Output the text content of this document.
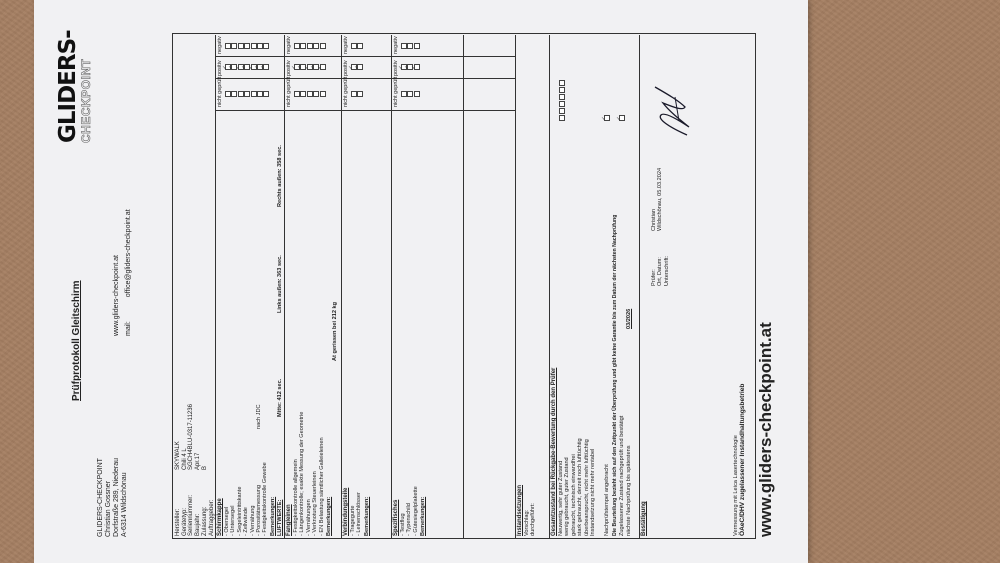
Prüfprotokoll Gleitschirm
GLIDERS-
CHECKPOINT
GLIDERS-CHECKPOINT Christian Gossner Dorfstraße 289, Niederau A-6314 Wildschönau
www.gliders-checkpoint.at mail: office@gliders-checkpoint.at
Hersteller: Gerätetyp: Seriennummer: Baujahr: Zulassung: Auftraggeber:
SKYWALK Chili 4 L SGCH4BLU-0317-11236 Apr.17 B
Schirmkappe
nicht geprüft
positiv
negativ
- Obersegel - Untersegel - Segeleintrittskante - Zellwände - Vernähung - Porositätsmessung - Festigkeitskontrolle Gewebe
nach JDC
Bemerkungen: LUFTWERTE:
Mitte: 412 sec.
Links außen: 363 sec.
Rechts außen: 358 sec.
Fangleinen
nicht geprüft
positiv
negativ
- Festigkeitskontrolle allgemein - Längenkontrolle; exakte Messung der Geometrie - Vernähungen - Verknotung Steuerleinen - EN Belastung sämtlicher Galleieleinen Bemerkungen:
At gerissen bei 212 kg
Verbindungsteile
nicht geprüft
positiv
negativ
- Tragegurte - Leinenschlösser Bemerkungen:	Spezifisches
nicht geprüft
positiv
negativ
- Testflug - Typenschild - Gütesiegelplakette Bemerkungen:	Instandsetzungen Vorschlag: durchgeführt: Gesamtzustand bei Rückgabe-Bewertung durch den Prüfer Neuwertig, sehr guter Zustand wenig gebraucht, guter Zustand gebraucht, technisch einwandfrei stark gebraucht, derzeit noch lufttüchtig überbeansprucht, nicht mehr lufttüchtig Instandsetzung nicht mehr rentabel Nachprüfstempel angebracht Die Beurteilung bezieht sich auf den Zeitpunkt der Überprüfung und gibt keine Garantie bis zum Datum der nächsten Nachprüfung Zugelassener Zustand nachgeprüft und bestätigt nächste Nachprüfung bis spätestens
03/2026
Bestätigung
Prüfer: Ort, Datum: Unterschrift:
Christian Wildschönau, 05.03.2024
Vermessung mit Leica Lasertechnologie ÖAeC/DHV zugelassener Instandhaltungsbetrieb www.gliders-checkpoint.at
✓
✓
✓
✓
✓
✓
✓
✓
✓
✓
✓
✓
✓
✓
✓
✓
✓
✓
✓
